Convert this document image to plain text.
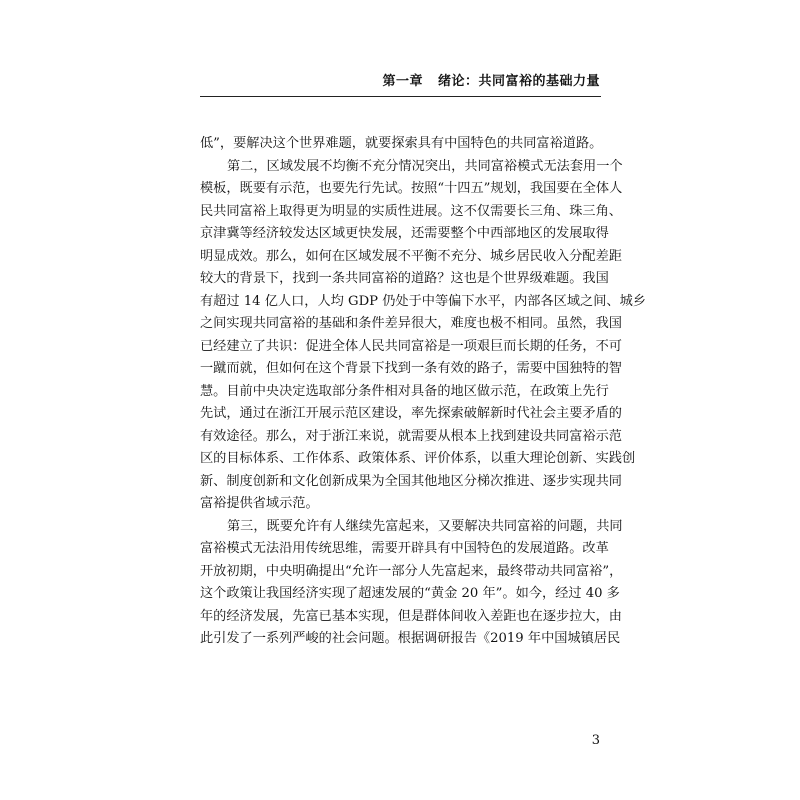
第一章 绪论：共同富裕的基础力量
低”，要解决这个世界难题，就要探索具有中国特色的共同富裕道路。
第二，区域发展不均衡不充分情况突出，共同富裕模式无法套用一个
模板，既要有示范，也要先行先试。按照“十四五”规划，我国要在全体人
民共同富裕上取得更为明显的实质性进展。这不仅需要长三角、珠三角、
京津冀等经济较发达区域更快发展，还需要整个中西部地区的发展取得
明显成效。那么，如何在区域发展不平衡不充分、城乡居民收入分配差距
较大的背景下，找到一条共同富裕的道路？这也是个世界级难题。我国
有超过 14 亿人口，人均 GDP 仍处于中等偏下水平，内部各区域之间、城乡
之间实现共同富裕的基础和条件差异很大，难度也极不相同。虽然，我国
已经建立了共识：促进全体人民共同富裕是一项艰巨而长期的任务，不可
一蹴而就，但如何在这个背景下找到一条有效的路子，需要中国独特的智
慧。目前中央决定选取部分条件相对具备的地区做示范，在政策上先行
先试，通过在浙江开展示范区建设，率先探索破解新时代社会主要矛盾的
有效途径。那么，对于浙江来说，就需要从根本上找到建设共同富裕示范
区的目标体系、工作体系、政策体系、评价体系，以重大理论创新、实践创
新、制度创新和文化创新成果为全国其他地区分梯次推进、逐步实现共同
富裕提供省域示范。
第三，既要允许有人继续先富起来，又要解决共同富裕的问题，共同
富裕模式无法沿用传统思维，需要开辟具有中国特色的发展道路。改革
开放初期，中央明确提出“允许一部分人先富起来，最终带动共同富裕”，
这个政策让我国经济实现了超速发展的“黄金 20 年”。如今，经过 40 多
年的经济发展，先富已基本实现，但是群体间收入差距也在逐步拉大，由
此引发了一系列严峻的社会问题。根据调研报告《2019 年中国城镇居民
3
